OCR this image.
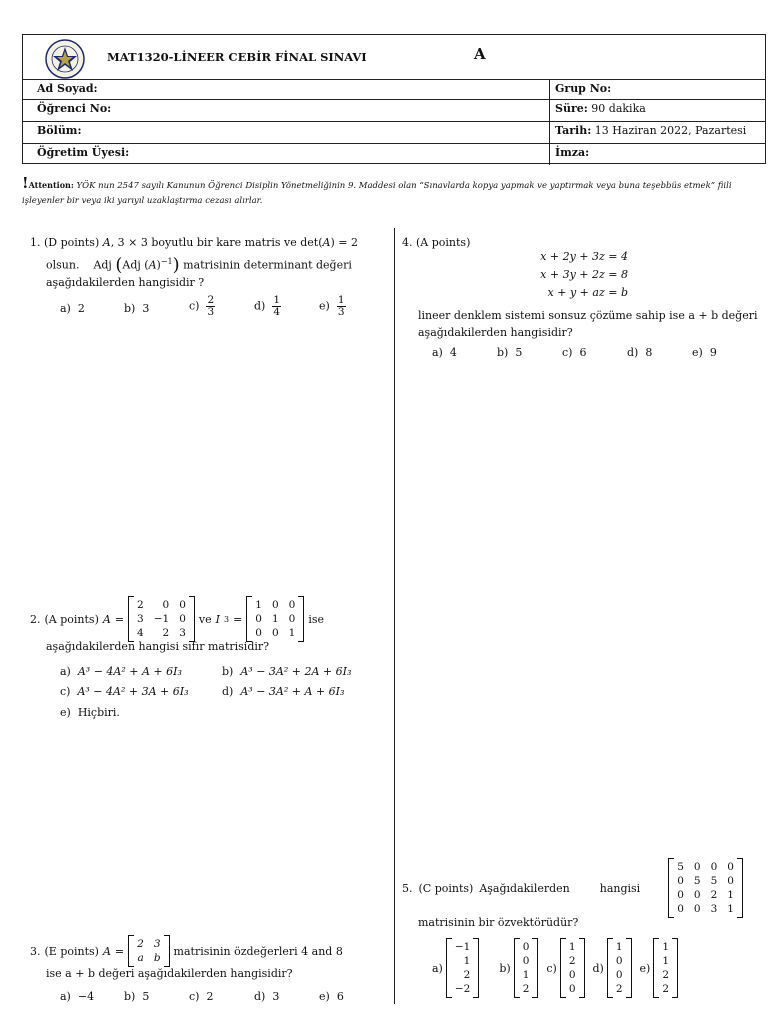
MAT1320-LİNEER CEBİR FİNAL SINAVI	A
Ad Soyad:	Grup No:
Öğrenci No:	Süre: 90 dakika
Bölüm:	Tarih: 13 Haziran 2022, Pazartesi
Öğretim Üyesi:	İmza:
!Attention: YÖK nun 2547 sayılı Kanunun Öğrenci Disiplin Yönetmeliğinin 9. Maddesi olan “Sınavlarda kopya yapmak ve yaptırmak veya buna teşebbüs etmek” fiili işleyenler bir veya iki yarıyıl uzaklaştırma cezası alırlar.
1. (D points) A, 3 × 3 boyutlu bir kare matris ve det(A) = 2
olsun.    Adj (Adj $(A)^{-1}$) matrisinin determinant değeri
aşağıdakilerden hangisidir ?
a) 2	b) 3	$c) \frac{2}{3}$	$d) \frac{1}{4}$	$e) \frac{1}{3}$
2. (A points) A =
2	0 0
3 −1 0
4	2 3
ve I 3 =
1 0 0
0 1 0
0 0 1
ise
aşağıdakilerden hangisi sıfır matrisidir?
a) A³ − 4A² + A + 6I₃	b) A³ − 3A² + 2A + 6I₃
c) A³ − 4A² + 3A + 6I₃	d) A³ − 3A² + A + 6I₃
e) Hiçbiri.
3. (E points) A =
2 3
a b
matrisinin özdeğerleri 4 and 8
ise a + b değeri aşağıdakilerden hangisidir?
a) −4	b) 5	c) 2	d) 3	e) 6
4. (A points)
x + 2y + 3z = 4
x + 3y + 2z = 8
x + y + az = b
lineer denklem sistemi sonsuz çözüme sahip ise a + b değeri
aşağıdakilerden hangisidir?
a) 4	b) 5	c) 6	d) 8	e) 9
5. (C points) Aşağıdakilerden	hangisi
5 0 0 0
0 5 5 0
0 0 2 1
0 0 3 1
matrisinin bir özvektörüdür?
a)
−1
1
2
−2
b)
0
0
1
2
c)
1
2
0
0
d)
1
0
0
2
e)
1
1
2
2
